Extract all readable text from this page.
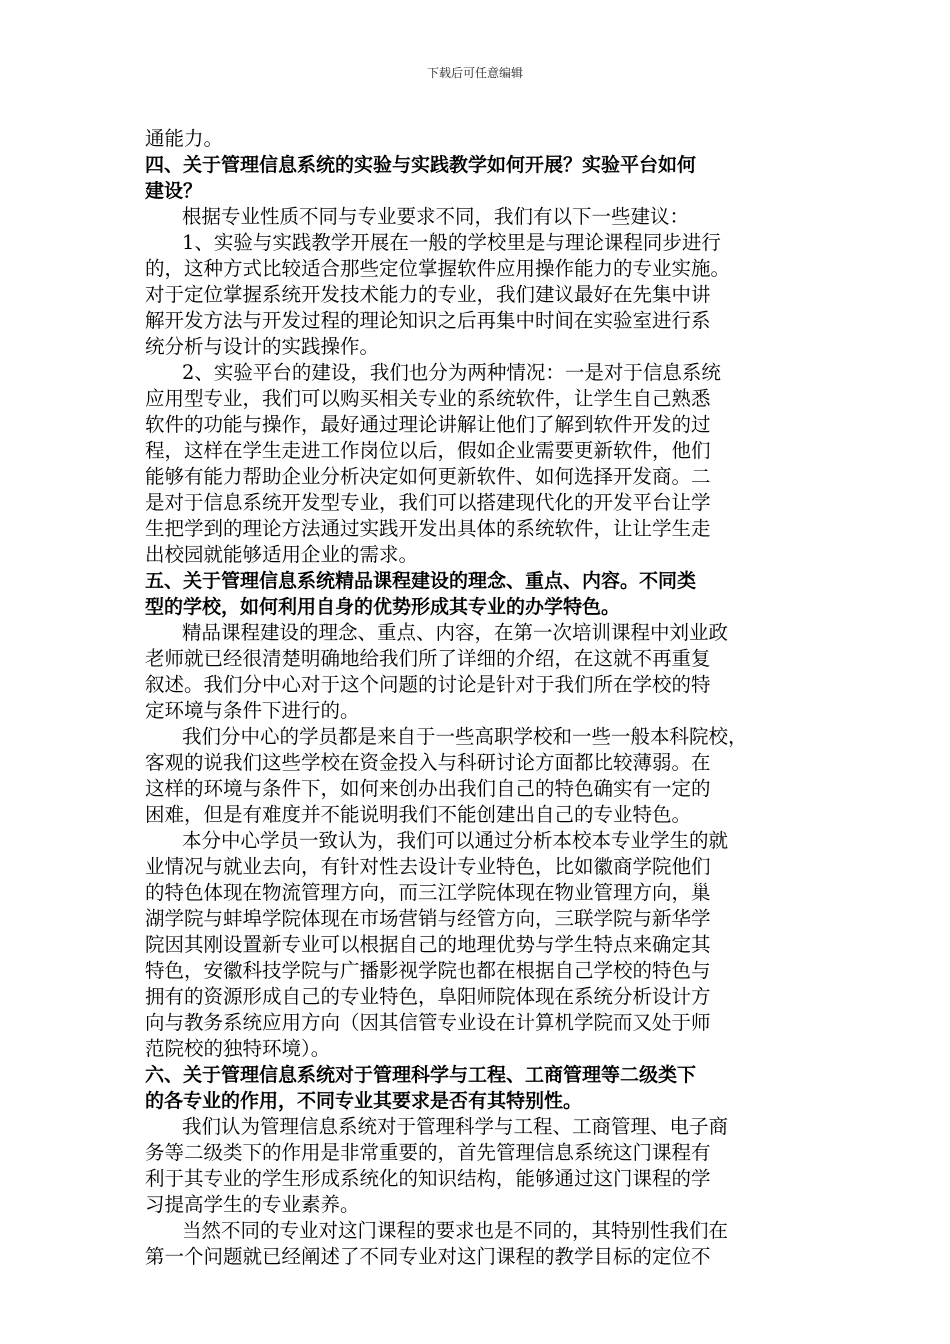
下载后可任意编辑
通能力。
四、关于管理信息系统的实验与实践教学如何开展？实验平台如何
建设？
根据专业性质不同与专业要求不同，我们有以下一些建议：
1、实验与实践教学开展在一般的学校里是与理论课程同步进行
的，这种方式比较适合那些定位掌握软件应用操作能力的专业实施。
对于定位掌握系统开发技术能力的专业，我们建议最好在先集中讲
解开发方法与开发过程的理论知识之后再集中时间在实验室进行系
统分析与设计的实践操作。
2、实验平台的建设，我们也分为两种情况：一是对于信息系统
应用型专业，我们可以购买相关专业的系统软件，让学生自己熟悉
软件的功能与操作，最好通过理论讲解让他们了解到软件开发的过
程，这样在学生走进工作岗位以后，假如企业需要更新软件，他们
能够有能力帮助企业分析决定如何更新软件、如何选择开发商。二
是对于信息系统开发型专业，我们可以搭建现代化的开发平台让学
生把学到的理论方法通过实践开发出具体的系统软件，让让学生走
出校园就能够适用企业的需求。
五、关于管理信息系统精品课程建设的理念、重点、内容。不同类
型的学校，如何利用自身的优势形成其专业的办学特色。
精品课程建设的理念、重点、内容，在第一次培训课程中刘业政
老师就已经很清楚明确地给我们所了详细的介绍，在这就不再重复
叙述。我们分中心对于这个问题的讨论是针对于我们所在学校的特
定环境与条件下进行的。
我们分中心的学员都是来自于一些高职学校和一些一般本科院校，
客观的说我们这些学校在资金投入与科研讨论方面都比较薄弱。在
这样的环境与条件下，如何来创办出我们自己的特色确实有一定的
困难，但是有难度并不能说明我们不能创建出自己的专业特色。
本分中心学员一致认为，我们可以通过分析本校本专业学生的就
业情况与就业去向，有针对性去设计专业特色，比如徽商学院他们
的特色体现在物流管理方向，而三江学院体现在物业管理方向，巢
湖学院与蚌埠学院体现在市场营销与经管方向，三联学院与新华学
院因其刚设置新专业可以根据自己的地理优势与学生特点来确定其
特色，安徽科技学院与广播影视学院也都在根据自己学校的特色与
拥有的资源形成自己的专业特色，阜阳师院体现在系统分析设计方
向与教务系统应用方向（因其信管专业设在计算机学院而又处于师
范院校的独特环境）。
六、关于管理信息系统对于管理科学与工程、工商管理等二级类下
的各专业的作用，不同专业其要求是否有其特别性。
我们认为管理信息系统对于管理科学与工程、工商管理、电子商
务等二级类下的作用是非常重要的，首先管理信息系统这门课程有
利于其专业的学生形成系统化的知识结构，能够通过这门课程的学
习提高学生的专业素养。
当然不同的专业对这门课程的要求也是不同的，其特别性我们在
第一个问题就已经阐述了不同专业对这门课程的教学目标的定位不
